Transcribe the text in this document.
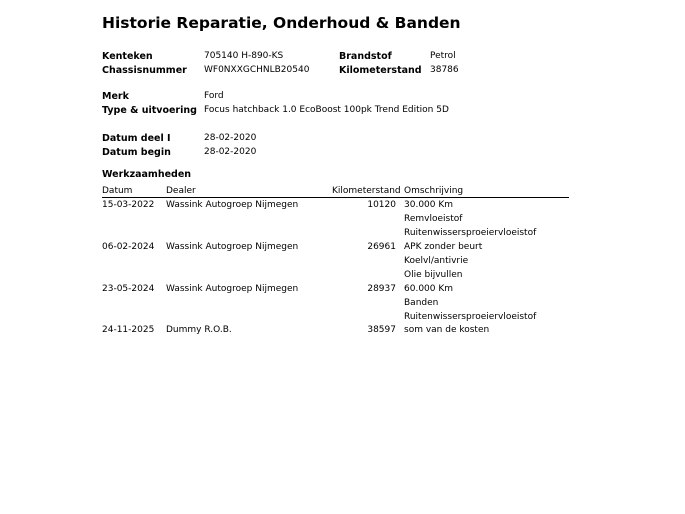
Historie Reparatie, Onderhoud & Banden
Kenteken	705140 H-890-KS	Brandstof	Petrol
Chassisnummer WF0NXXGCHNLB20540	Kilometerstand 38786
Merk	Ford
Type & uitvoering Focus hatchback 1.0 EcoBoost 100pk Trend Edition 5D
Datum deel I	28-02-2020
Datum begin	28-02-2020
Werkzaamheden
Datum	Dealer	Kilometerstand Omschrijving
15-03-2022 Wassink Autogroep Nijmegen	10120 30.000 Km
Remvloeistof
Ruitenwissersproeiervloeistof
06-02-2024 Wassink Autogroep Nijmegen	26961 APK zonder beurt
Koelvl/antivrie
Olie bijvullen
23-05-2024 Wassink Autogroep Nijmegen	28937 60.000 Km
Banden
Ruitenwissersproeiervloeistof
24-11-2025 Dummy R.O.B.	38597 som van de kosten
